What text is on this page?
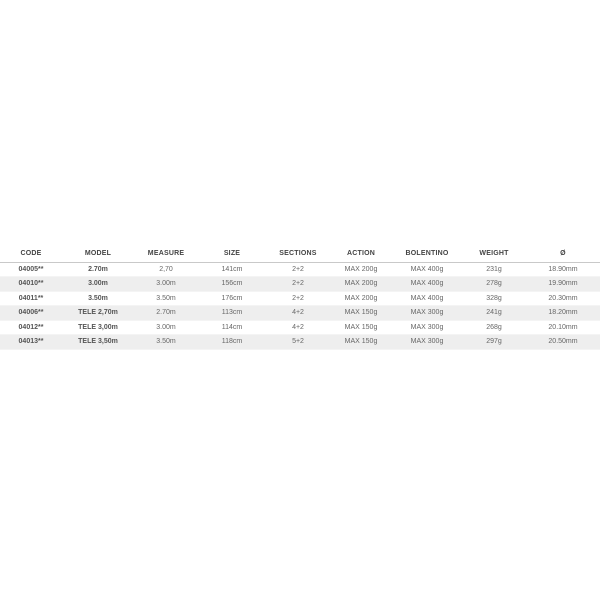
CODE	MODEL	MEASURE	SIZE	SECTIONS	ACTION	BOLENTINO	WEIGHT	Ø
04005**	2.70m	2,70	141cm	2+2	MAX 200g	MAX 400g	231g	18.90mm
04010**	3.00m	3.00m	156cm	2+2	MAX 200g	MAX 400g	278g	19.90mm
04011**	3.50m	3.50m	176cm	2+2	MAX 200g	MAX 400g	328g	20.30mm
04006**	TELE 2,70m	2.70m	113cm	4+2	MAX 150g	MAX 300g	241g	18.20mm
04012**	TELE 3,00m	3.00m	114cm	4+2	MAX 150g	MAX 300g	268g	20.10mm
04013**	TELE 3,50m	3.50m	118cm	5+2	MAX 150g	MAX 300g	297g	20.50mm
